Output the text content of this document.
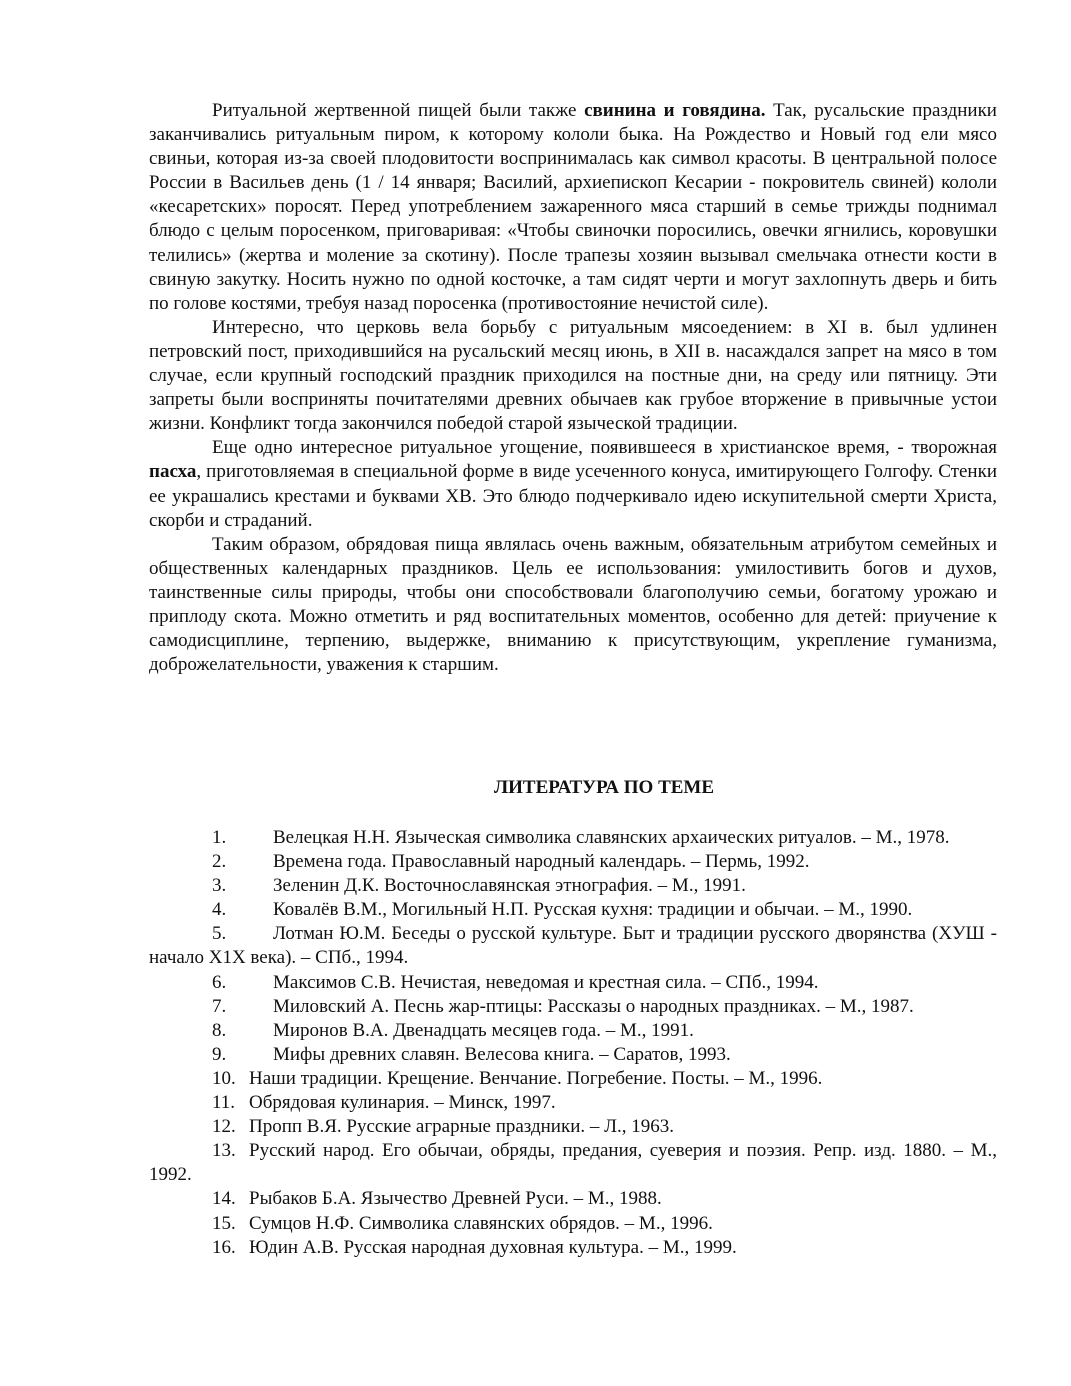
Ритуальной жертвенной пищей были также свинина и говядина. Так, русальские праздники заканчивались ритуальным пиром, к которому кололи быка. На Рождество и Новый год ели мясо свиньи, которая из-за своей плодовитости воспринималась как символ красоты. В центральной полосе России в Васильев день (1 / 14 января; Василий, архиепископ Кесарии - покровитель свиней) кололи «кесаретских» поросят. Перед употреблением зажаренного мяса старший в семье трижды поднимал блюдо с целым поросенком, приговаривая: «Чтобы свиночки поросились, овечки ягнились, коровушки телились» (жертва и моление за скотину). После трапезы хозяин вызывал смельчака отнести кости в свиную закутку. Носить нужно по одной косточке, а там сидят черти и могут захлопнуть дверь и бить по голове костями, требуя назад поросенка (противостояние нечистой силе).

Интересно, что церковь вела борьбу с ритуальным мясоедением: в XI в. был удлинен петровский пост, приходившийся на русальский месяц июнь, в XII в. насаждался запрет на мясо в том случае, если крупный господский праздник приходился на постные дни, на среду или пятницу. Эти запреты были восприняты почитателями древних обычаев как грубое вторжение в привычные устои жизни. Конфликт тогда закончился победой старой языческой традиции.

Еще одно интересное ритуальное угощение, появившееся в христианское время, - творожная пасха, приготовляемая в специальной форме в виде усеченного конуса, имитирующего Голгофу. Стенки ее украшались крестами и буквами ХВ. Это блюдо подчеркивало идею искупительной смерти Христа, скорби и страданий.

Таким образом, обрядовая пища являлась очень важным, обязательным атрибутом семейных и общественных календарных праздников. Цель ее использования: умилостивить богов и духов, таинственные силы природы, чтобы они способствовали благополучию семьи, богатому урожаю и приплоду скота. Можно отметить и ряд воспитательных моментов, особенно для детей: приучение к самодисциплине, терпению, выдержке, вниманию к присутствующим, укрепление гуманизма, доброжелательности, уважения к старшим.

ЛИТЕРАТУРА ПО ТЕМЕ
1. Велецкая Н.Н. Языческая символика славянских архаических ритуалов. – М., 1978.
2. Времена года. Православный народный календарь. – Пермь, 1992.
3. Зеленин Д.К. Восточнославянская этнография. – М., 1991.
4. Ковалёв В.М., Могильный Н.П. Русская кухня: традиции и обычаи. – М., 1990.
5. Лотман Ю.М. Беседы о русской культуре. Быт и традиции русского дворянства (ХУШ - начало Х1Х века). – СПб., 1994.
6. Максимов С.В. Нечистая, неведомая и крестная сила. – СПб., 1994.
7. Миловский А. Песнь жар-птицы: Рассказы о народных праздниках. – М., 1987.
8. Миронов В.А. Двенадцать месяцев года. – М., 1991.
9. Мифы древних славян. Велесова книга. – Саратов, 1993.
10. Наши традиции. Крещение. Венчание. Погребение. Посты. – М., 1996.
11. Обрядовая кулинария. – Минск, 1997.
12. Пропп В.Я. Русские аграрные праздники. – Л., 1963.
13. Русский народ. Его обычаи, обряды, предания, суеверия и поэзия. Репр. изд. 1880. – М., 1992.
14. Рыбаков Б.А. Язычество Древней Руси. – М., 1988.
15. Сумцов Н.Ф. Символика славянских обрядов. – М., 1996.
16. Юдин А.В. Русская народная духовная культура. – М., 1999.
